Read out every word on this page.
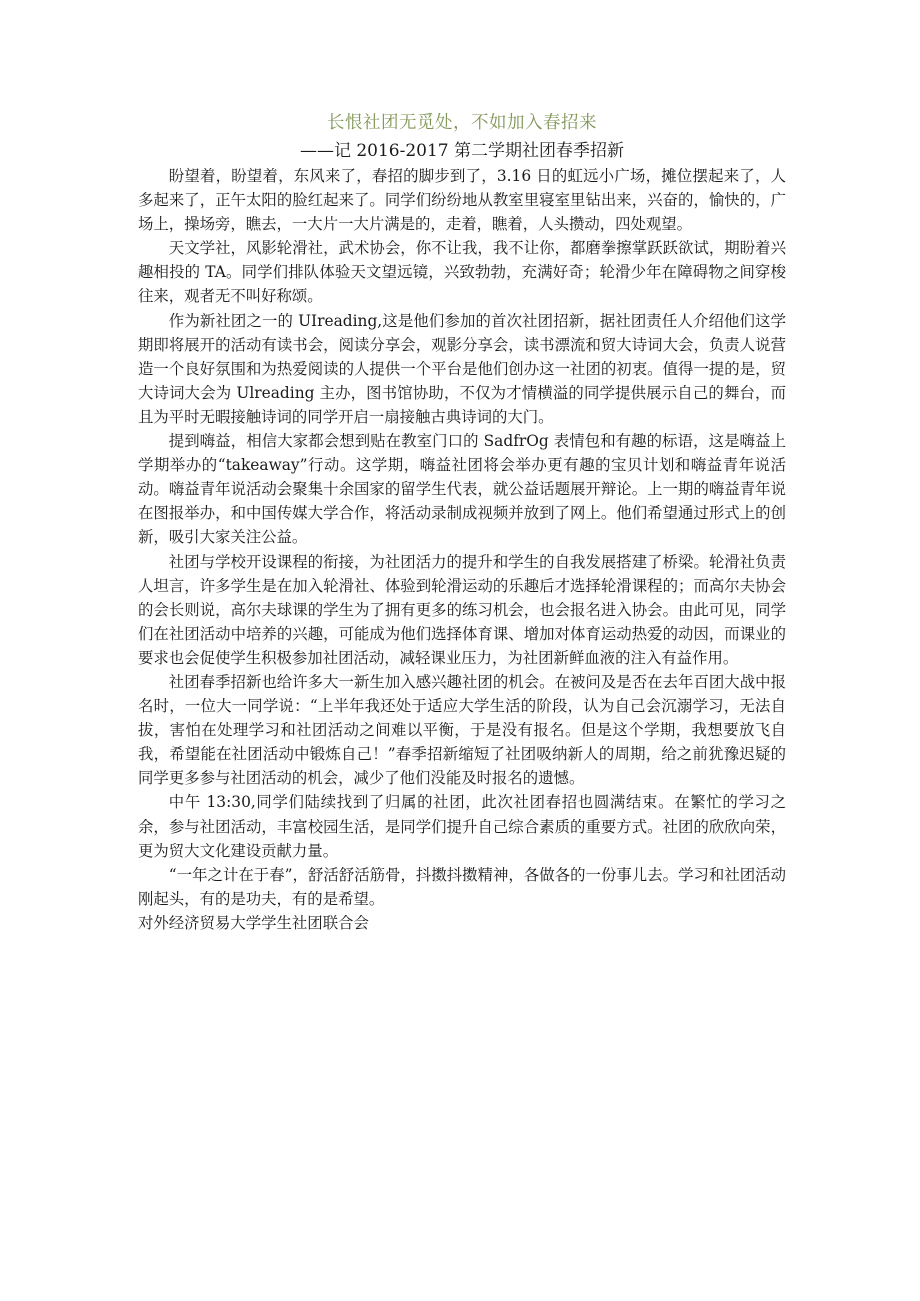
长恨社团无觅处，不如加入春招来

——记 2016-2017 第二学期社团春季招新

盼望着，盼望着，东风来了，春招的脚步到了，3.16 日的虹远小广场，摊位摆起来了，人多起来了，正午太阳的脸红起来了。同学们纷纷地从教室里寝室里钻出来，兴奋的，愉快的，广场上，操场旁，瞧去，一大片一大片满是的，走着，瞧着，人头攒动，四处观望。

天文学社，风影轮滑社，武术协会，你不让我，我不让你，都磨拳擦掌跃跃欲试，期盼着兴趣相投的 TA。同学们排队体验天文望远镜，兴致勃勃，充满好奇；轮滑少年在障碍物之间穿梭往来，观者无不叫好称颂。

作为新社团之一的 UIreading,这是他们参加的首次社团招新，据社团责任人介绍他们这学期即将展开的活动有读书会，阅读分享会，观影分享会，读书漂流和贸大诗词大会，负责人说营造一个良好氛围和为热爱阅读的人提供一个平台是他们创办这一社团的初衷。值得一提的是，贸大诗词大会为 Ulreading 主办，图书馆协助，不仅为才情横溢的同学提供展示自己的舞台，而且为平时无暇接触诗词的同学开启一扇接触古典诗词的大门。

提到嗨益，相信大家都会想到贴在教室门口的 SadfrOg 表情包和有趣的标语，这是嗨益上学期举办的“takeaway”行动。这学期，嗨益社团将会举办更有趣的宝贝计划和嗨益青年说活动。嗨益青年说活动会聚集十余国家的留学生代表，就公益话题展开辩论。上一期的嗨益青年说在图报举办，和中国传媒大学合作，将活动录制成视频并放到了网上。他们希望通过形式上的创新，吸引大家关注公益。

社团与学校开设课程的衔接，为社团活力的提升和学生的自我发展搭建了桥梁。轮滑社负责人坦言，许多学生是在加入轮滑社、体验到轮滑运动的乐趣后才选择轮滑课程的；而高尔夫协会的会长则说，高尔夫球课的学生为了拥有更多的练习机会，也会报名进入协会。由此可见，同学们在社团活动中培养的兴趣，可能成为他们选择体育课、增加对体育运动热爱的动因，而课业的要求也会促使学生积极参加社团活动，减轻课业压力，为社团新鲜血液的注入有益作用。

社团春季招新也给许多大一新生加入感兴趣社团的机会。在被问及是否在去年百团大战中报名时，一位大一同学说：“上半年我还处于适应大学生活的阶段，认为自己会沉溺学习，无法自拔，害怕在处理学习和社团活动之间难以平衡，于是没有报名。但是这个学期，我想要放飞自我，希望能在社团活动中锻炼自己！”春季招新缩短了社团吸纳新人的周期，给之前犹豫迟疑的同学更多参与社团活动的机会，减少了他们没能及时报名的遗憾。

中午 13:30,同学们陆续找到了归属的社团，此次社团春招也圆满结束。在繁忙的学习之余，参与社团活动，丰富校园生活，是同学们提升自己综合素质的重要方式。社团的欣欣向荣，更为贸大文化建设贡献力量。

“一年之计在于春”，舒活舒活筋骨，抖擞抖擞精神，各做各的一份事儿去。学习和社团活动刚起头，有的是功夫，有的是希望。

对外经济贸易大学学生社团联合会
